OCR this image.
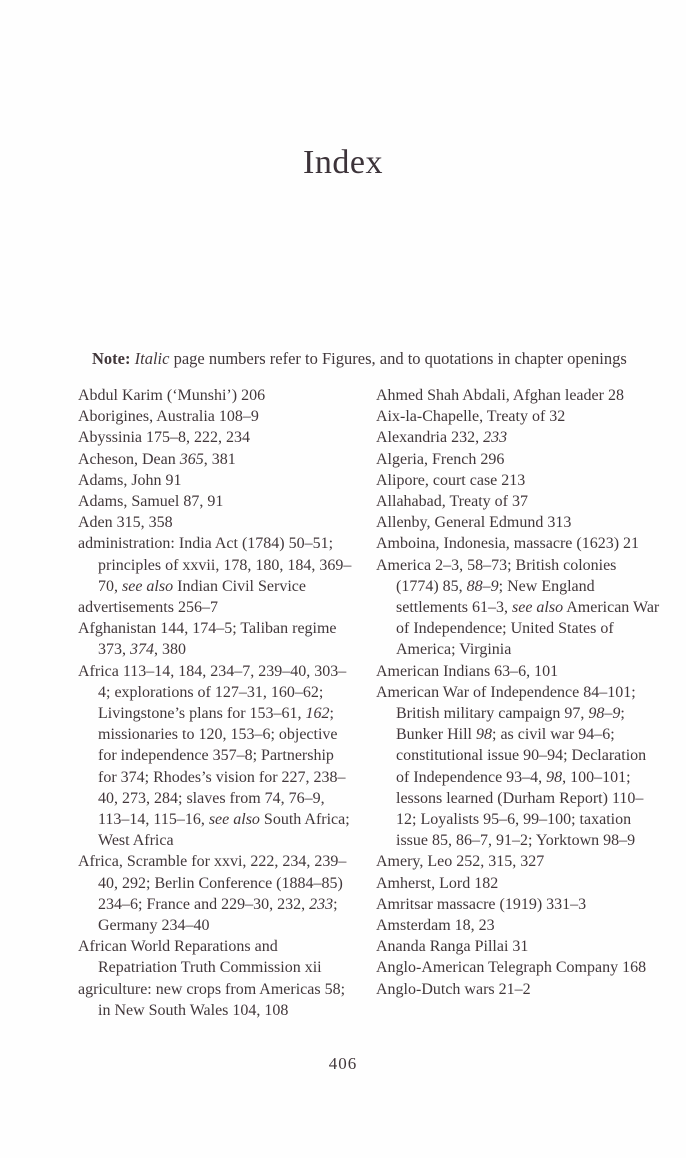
Index
Note: Italic page numbers refer to Figures, and to quotations in chapter openings
Abdul Karim (‘Munshi’) 206
Aborigines, Australia 108–9
Abyssinia 175–8, 222, 234
Acheson, Dean 365, 381
Adams, John 91
Adams, Samuel 87, 91
Aden 315, 358
administration: India Act (1784) 50–51; principles of xxvii, 178, 180, 184, 369–70, see also Indian Civil Service
advertisements 256–7
Afghanistan 144, 174–5; Taliban regime 373, 374, 380
Africa 113–14, 184, 234–7, 239–40, 303–4; explorations of 127–31, 160–62; Livingstone’s plans for 153–61, 162; missionaries to 120, 153–6; objective for independence 357–8; Partnership for 374; Rhodes’s vision for 227, 238–40, 273, 284; slaves from 74, 76–9, 113–14, 115–16, see also South Africa; West Africa
Africa, Scramble for xxvi, 222, 234, 239–40, 292; Berlin Conference (1884–85) 234–6; France and 229–30, 232, 233; Germany 234–40
African World Reparations and Repatriation Truth Commission xii
agriculture: new crops from Americas 58; in New South Wales 104, 108
Ahmed Shah Abdali, Afghan leader 28
Aix-la-Chapelle, Treaty of 32
Alexandria 232, 233
Algeria, French 296
Alipore, court case 213
Allahabad, Treaty of 37
Allenby, General Edmund 313
Amboina, Indonesia, massacre (1623) 21
America 2–3, 58–73; British colonies (1774) 85, 88–9; New England settlements 61–3, see also American War of Independence; United States of America; Virginia
American Indians 63–6, 101
American War of Independence 84–101; British military campaign 97, 98–9; Bunker Hill 98; as civil war 94–6; constitutional issue 90–94; Declaration of Independence 93–4, 98, 100–101; lessons learned (Durham Report) 110–12; Loyalists 95–6, 99–100; taxation issue 85, 86–7, 91–2; Yorktown 98–9
Amery, Leo 252, 315, 327
Amherst, Lord 182
Amritsar massacre (1919) 331–3
Amsterdam 18, 23
Ananda Ranga Pillai 31
Anglo-American Telegraph Company 168
Anglo-Dutch wars 21–2
406
